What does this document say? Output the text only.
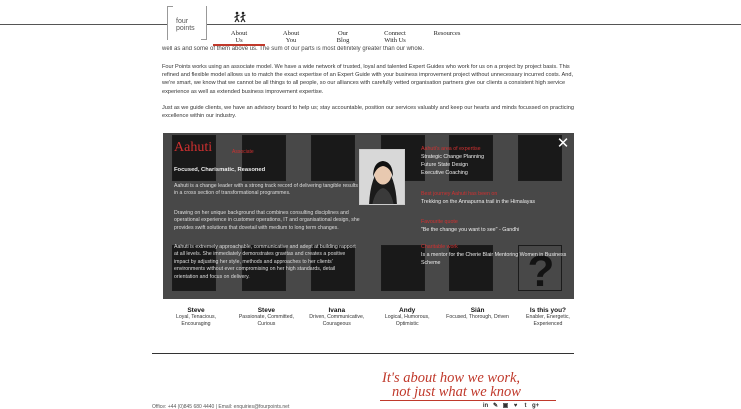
four
points
About
Us
About
You
Our
Blog
Connect
With Us
Resources
well as and some of them above us. The sum of our parts is most definitely greater than our whole.
Four Points works using an associate model. We have a wide network of trusted, loyal and talented Expert Guides who work for us on a project by project basis. This refined and flexible model allows us to match the exact expertise of an Expert Guide with your business improvement project without unnecessary incurred costs. And, we're smart, we know that we cannot be all things to all people, so our alliances with carefully vetted organisation partners give our clients a consistent high service experience as well as extended business improvement expertise.
Just as we guide clients, we have an advisory board to help us; stay accountable, position our services valuably and keep our hearts and minds focussed on practicing excellence within our industry.
Steve
Loyal, Tenacious, Encouraging
Steve
Passionate, Committed, Curious
Ivana
Driven, Communicative, Courageous
Andy
Logical, Humorous, Optimistic
Siân
Focused, Thorough, Driven
Is this you?
Enabler, Energetic, Experienced
✕
Aahuti	Associate
Focused, Charismatic, Reasoned
Aahuti is a change leader with a strong track record of delivering tangible results in a cross section of transformational programmes.
Drawing on her unique background that combines consulting disciplines and operational experience in customer operations, IT and organisational design, she provides swift solutions that dovetail with medium to long term changes.
Aahuti is extremely approachable, communicative and adept at building rapport at all levels. She immediately demonstrates gravitas and creates a positive impact by adjusting her style, methods and approaches to her clients' environments without ever compromising on her high standards, detail orientation and focus on delivery.
Aahuti's area of expertise
Strategic Change Planning
Future State Design
Executive Coaching
Best journey Aahuti has been on
Trekking on the Annapurna trail in the Himalayas
Favourite quote
"Be the change you want to see" - Gandhi
Charitable work
Is a mentor for the Cherie Blair Mentoring Women in Business Scheme
It's about how we work,
not just what we know
Office: +44 (0)845 680 4440 | Email: enquiries@fourpoints.net	in ✎ ▣ ♥	t g+
